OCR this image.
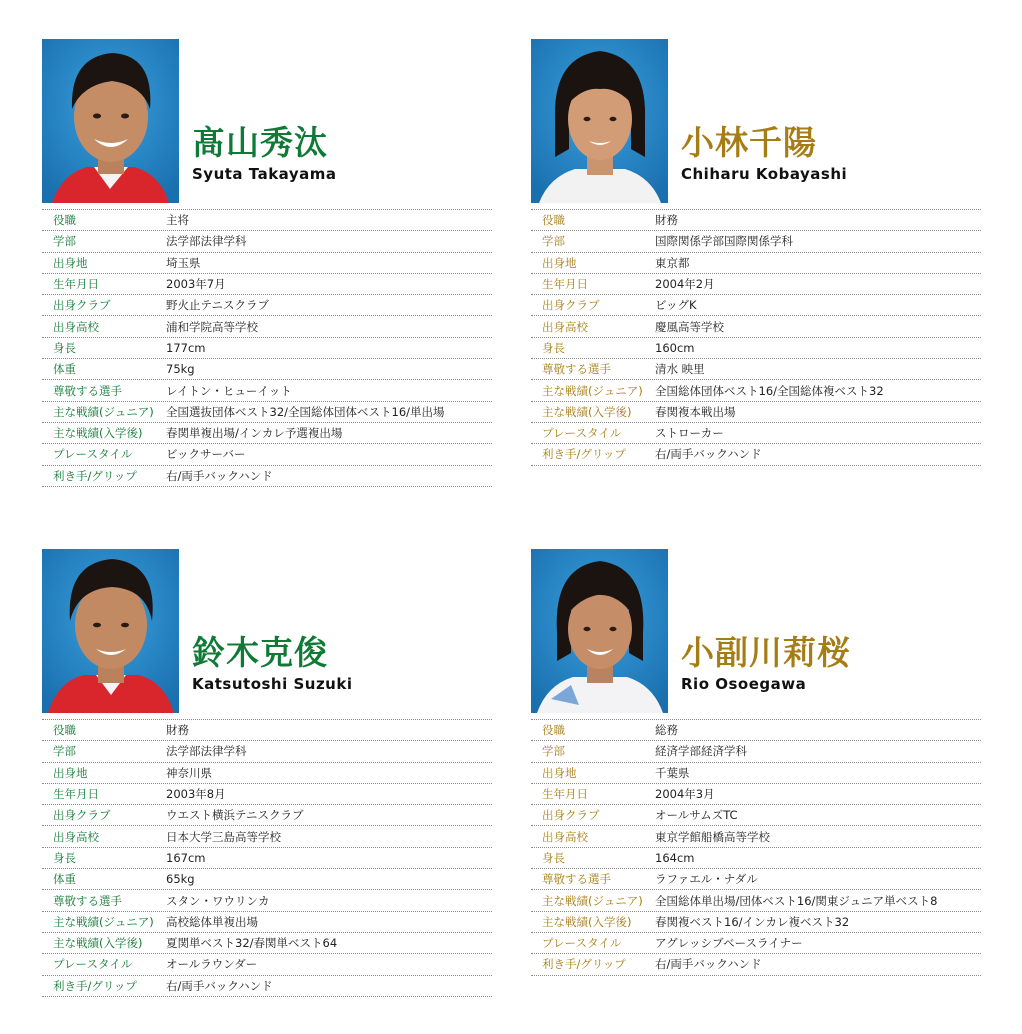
髙山秀汰
Syuta Takayama
役職	主将
学部	法学部法律学科
出身地	埼玉県
生年月日	2003年7月
出身クラブ	野火止テニスクラブ
出身高校	浦和学院高等学校
身長	177cm
体重	75kg
尊敬する選手	レイトン・ヒューイット
主な戦績(ジュニア)	全国選抜団体ベスト32/全国総体団体ベスト16/単出場
主な戦績(入学後)	春関単複出場/インカレ予選複出場
プレースタイル	ビックサーバー
利き手/グリップ	右/両手バックハンド
小林千陽
Chiharu Kobayashi
役職	財務
学部	国際関係学部国際関係学科
出身地	東京都
生年月日	2004年2月
出身クラブ	ビッグK
出身高校	慶風高等学校
身長	160cm
尊敬する選手	清水 映里
主な戦績(ジュニア)	全国総体団体ベスト16/全国総体複ベスト32
主な戦績(入学後)	春関複本戦出場
プレースタイル	ストローカー
利き手/グリップ	右/両手バックハンド
鈴木克俊
Katsutoshi Suzuki
役職	財務
学部	法学部法律学科
出身地	神奈川県
生年月日	2003年8月
出身クラブ	ウエスト横浜テニスクラブ
出身高校	日本大学三島高等学校
身長	167cm
体重	65kg
尊敬する選手	スタン・ワウリンカ
主な戦績(ジュニア)	高校総体単複出場
主な戦績(入学後)	夏関単ベスト32/春関単ベスト64
プレースタイル	オールラウンダー
利き手/グリップ	右/両手バックハンド
小副川莉桜
Rio Osoegawa
役職	総務
学部	経済学部経済学科
出身地	千葉県
生年月日	2004年3月
出身クラブ	オールサムズTC
出身高校	東京学館船橋高等学校
身長	164cm
尊敬する選手	ラファエル・ナダル
主な戦績(ジュニア)	全国総体単出場/団体ベスト16/関東ジュニア単ベスト8
主な戦績(入学後)	春関複ベスト16/インカレ複ベスト32
プレースタイル	アグレッシブベースライナー
利き手/グリップ	右/両手バックハンド
